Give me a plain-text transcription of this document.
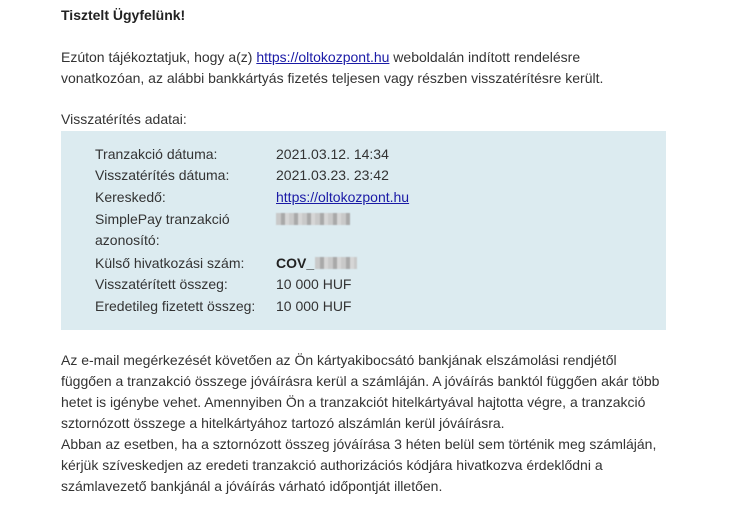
Tisztelt Ügyfelünk!
Ezúton tájékoztatjuk, hogy a(z) https://oltokozpont.hu weboldalán indított rendelésre vonatkozóan, az alábbi bankkártyás fizetés teljesen vagy részben visszatérítésre került.
Visszatérítés adatai:
Tranzakció dátuma:	2021.03.12. 14:34
Visszatérítés dátuma:	2021.03.23. 23:42
Kereskedő:	https://oltokozpont.hu
SimplePay tranzakció
azonosító:
Külső hivatkozási szám:	COV_
Visszatérített összeg:	10 000 HUF
Eredetileg fizetett összeg:	10 000 HUF

Az e-mail megérkezését követően az Ön kártyakibocsátó bankjának elszámolási rendjétől függően a tranzakció összege jóváírásra kerül a számláján. A jóváírás banktól függően akár több hetet is igénybe vehet. Amennyiben Ön a tranzakciót hitelkártyával hajtotta végre, a tranzakció sztornózott összege a hitelkártyához tartozó alszámlán kerül jóváírásra.

Abban az esetben, ha a sztornózott összeg jóváírása 3 héten belül sem történik meg számláján, kérjük szíveskedjen az eredeti tranzakció authorizációs kódjára hivatkozva érdeklődni a számlavezető bankjánál a jóváírás várható időpontját illetően.
